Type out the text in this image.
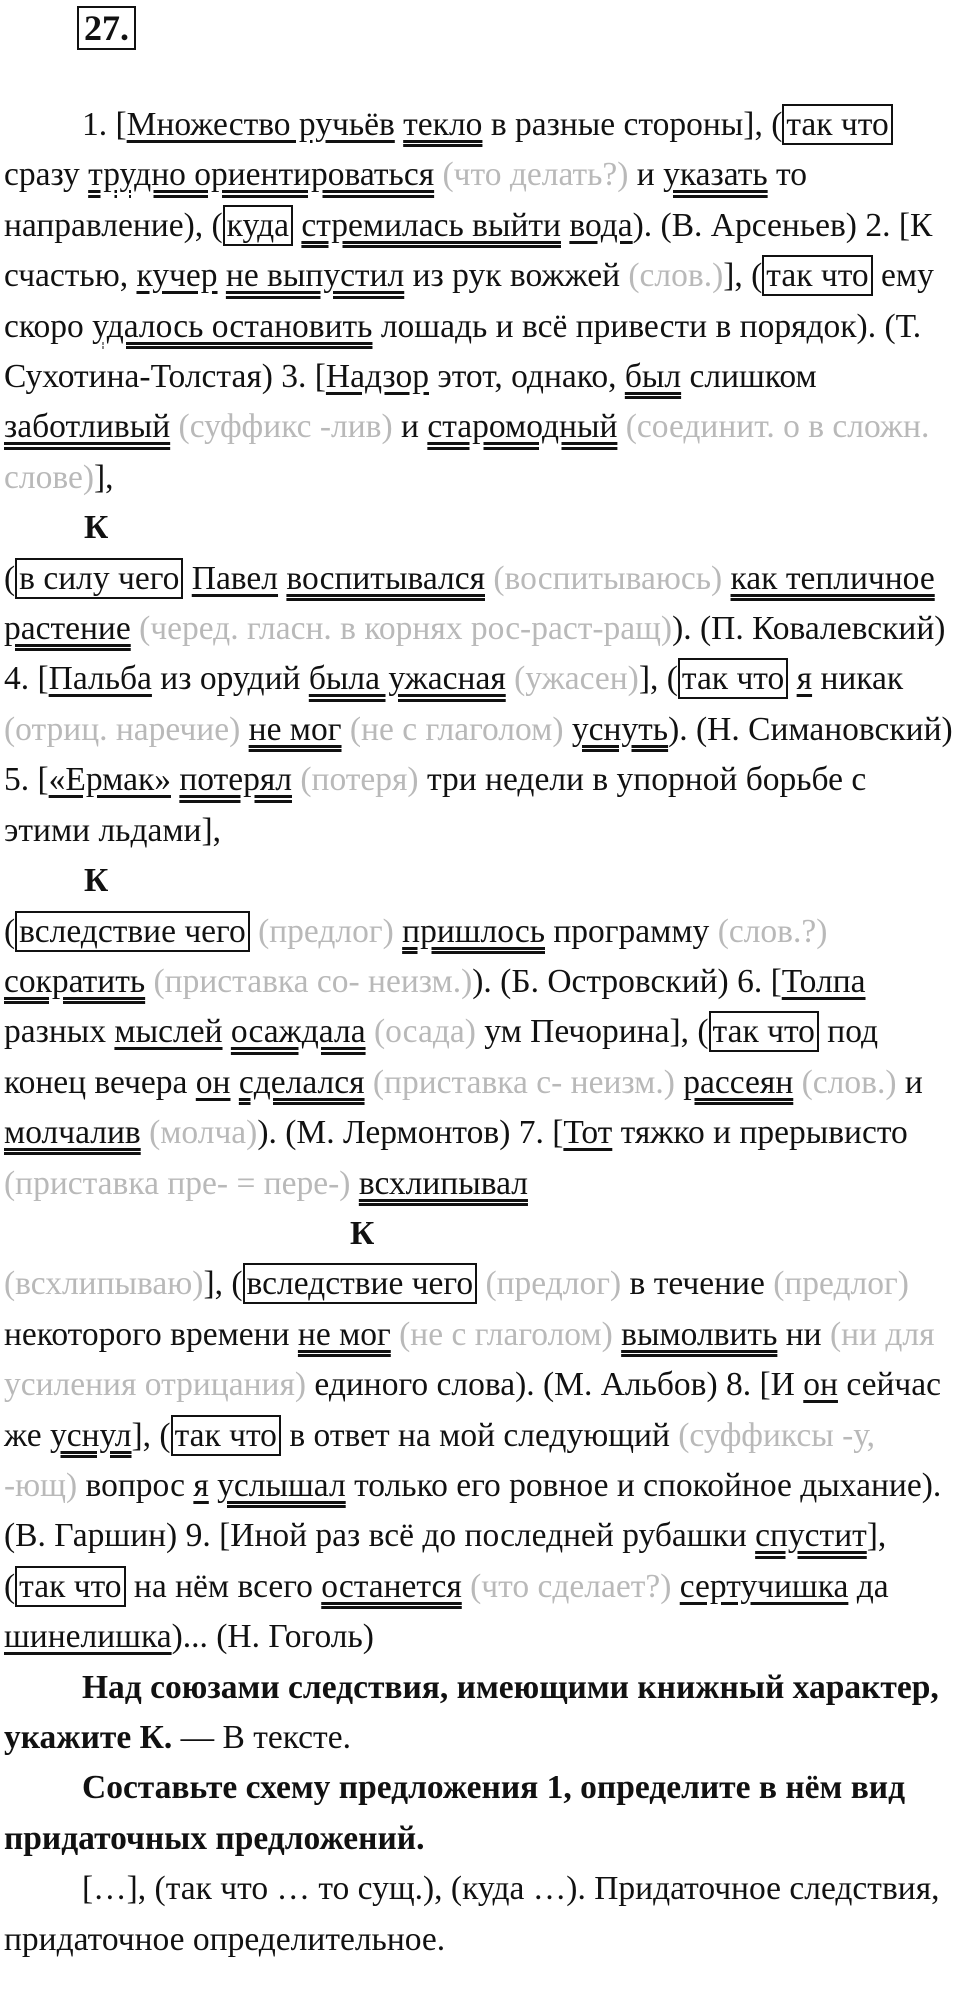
27.

1. [Множество ручьёв текло в разные стороны], ( так что сразу трудно ориентироваться (что делать?) и указать то направление), ( куда стремилась выйти вода). (В. Арсеньев) 2. [К счастью, кучер не выпустил из рук вожжей (слов.)], ( так что ему скоро удалось остановить лошадь и всё привести в порядок). (Т. Сухотина-Толстая) 3. [Надзор этот, однако, был слишком заботливый (суффикс -лив) и старомодный (соединит. о в сложн. слове)],

К

( в силу чего Павел воспитывался (воспитываюсь) как тепличное растение (черед. гласн. в корнях рос-раст-ращ)). (П. Ковалевский) 4. [Пальба из орудий была ужасная (ужасен)], ( так что я никак (отриц. наречие) не мог (не с глаголом) уснуть). (Н. Симановский) 5. [«Ермак» потерял (потеря) три недели в упорной борьбе с этими льдами],

К

( вследствие чего (предлог) пришлось программу (слов.?) сократить (приставка со- неизм.)). (Б. Островский) 6. [Толпа разных мыслей осаждала (осада) ум Печорина], ( так что под конец вечера он сделался (приставка с- неизм.) рассеян (слов.) и молчалив (молча)). (М. Лермонтов) 7. [Тот тяжко и прерывисто (приставка пре- = пере-) всхлипывал

К

(всхлипываю)], ( вследствие чего (предлог) в течение (предлог) некоторого времени не мог (не с глаголом) вымолвить ни (ни для усиления отрицания) единого слова). (М. Альбов) 8. [И он сейчас же уснул], ( так что в ответ на мой следующий (суффиксы -у, -ющ) вопрос я услышал только его ровное и спокойное дыхание). (В. Гаршин) 9. [Иной раз всё до последней рубашки спустит], ( так что на нём всего останется (что сделает?) сертучишка да шинелишка)... (Н. Гоголь)

Над союзами следствия, имеющими книжный характер, укажите К. — В тексте.

Составьте схему предложения 1, определите в нём вид придаточных предложений.

[…], (так что … то сущ.), (куда …). Придаточное следствия, придаточное определительное.
